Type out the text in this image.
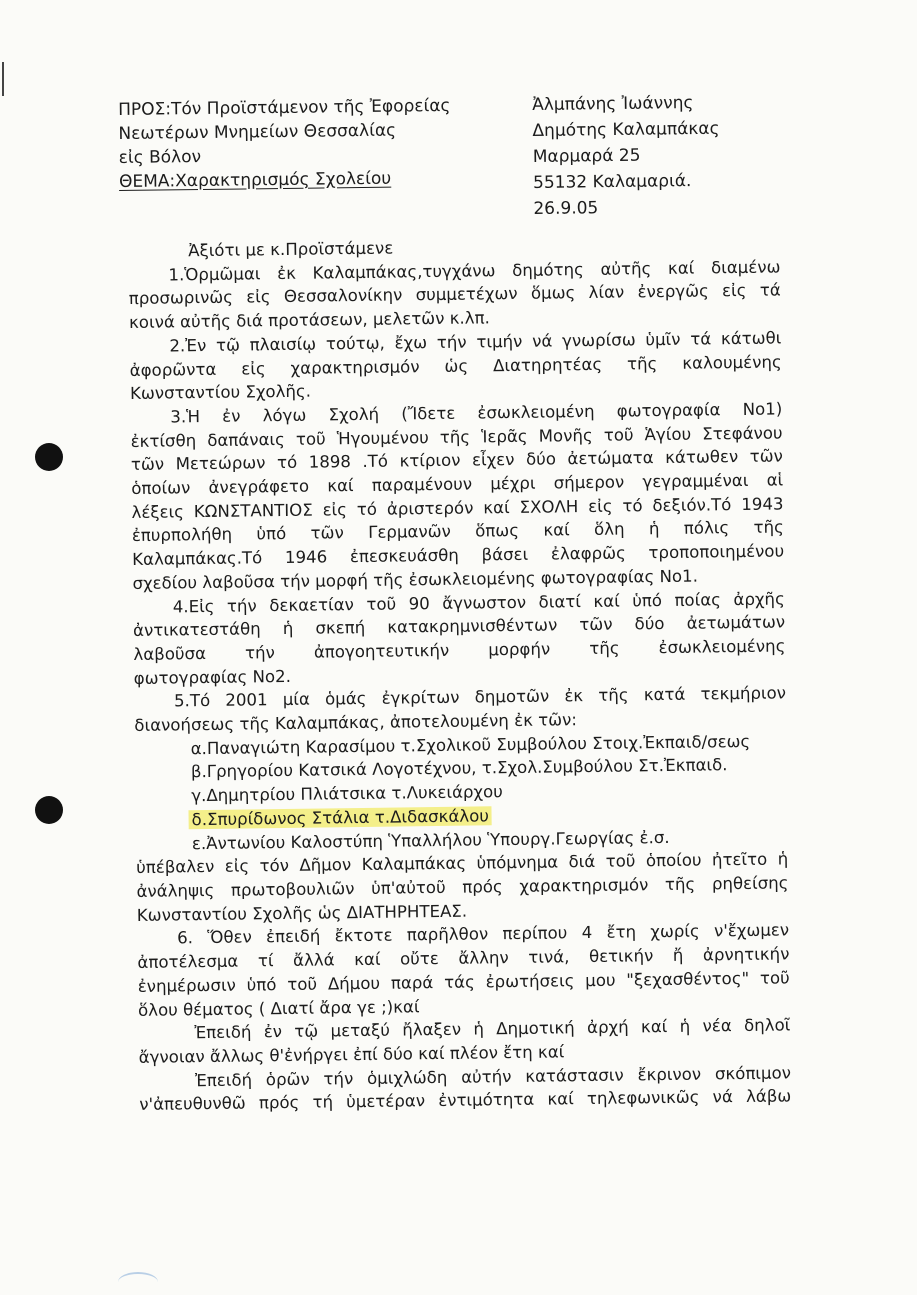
ΠΡΟΣ:Τόν Προϊστάμενον τῆς Ἐφορείας
Νεωτέρων Μνημείων Θεσσαλίας
εἰς Βόλον
ΘΕΜΑ:Χαρακτηρισμός Σχολείου
Ἀλμπάνης Ἰωάννης
Δημότης Καλαμπάκας
Μαρμαρά 25
55132 Καλαμαριά.
26.9.05
Ἀξιότι με κ.Προϊστάμενε
1.Ὁρμῶμαι ἐκ Καλαμπάκας,τυγχάνω δημότης αὐτῆς καί διαμένω
προσωρινῶς εἰς Θεσσαλονίκην συμμετέχων ὅμως λίαν ἐνεργῶς εἰς τά
κοινά αὐτῆς διά προτάσεων, μελετῶν κ.λπ.
2.Ἐν τῷ πλαισίῳ τούτῳ, ἔχω τήν τιμήν νά γνωρίσω ὑμῖν τά κάτωθι
ἀφορῶντα εἰς χαρακτηρισμόν ὡς Διατηρητέας τῆς καλουμένης
Κωνσταντίου Σχολῆς.
3.Ἡ ἐν λόγω Σχολή (Ἴδετε ἐσωκλειομένη φωτογραφία Νο1)
ἐκτίσθη δαπάναις τοῦ Ἡγουμένου τῆς Ἱερᾶς Μονῆς τοῦ Ἁγίου Στεφάνου
τῶν Μετεώρων τό 1898 .Τό κτίριον εἶχεν δύο ἀετώματα κάτωθεν τῶν
ὁποίων ἀνεγράφετο καί παραμένουν μέχρι σήμερον γεγραμμέναι αἱ
λέξεις ΚΩΝΣΤΑΝΤΙΟΣ εἰς τό ἀριστερόν καί ΣΧΟΛΗ εἰς τό δεξιόν.Τό 1943
ἐπυρπολήθη ὑπό τῶν Γερμανῶν ὅπως καί ὅλη ἡ πόλις τῆς
Καλαμπάκας.Τό 1946 ἐπεσκευάσθη βάσει ἐλαφρῶς τροποποιημένου
σχεδίου λαβοῦσα τήν μορφή τῆς ἐσωκλειομένης φωτογραφίας Νο1.
4.Εἰς τήν δεκαετίαν τοῦ 90 ἄγνωστον διατί καί ὑπό ποίας ἀρχῆς
ἀντικατεστάθη ἡ σκεπή κατακρημνισθέντων τῶν δύο ἀετωμάτων
λαβοῦσα τήν ἀπογοητευτικήν μορφήν τῆς ἐσωκλειομένης
φωτογραφίας Νο2.
5.Τό 2001 μία ὁμάς ἐγκρίτων δημοτῶν ἐκ τῆς κατά τεκμήριον
διανοήσεως τῆς Καλαμπάκας, ἀποτελουμένη ἐκ τῶν:
α.Παναγιώτη Καρασίμου τ.Σχολικοῦ Συμβούλου Στοιχ.Ἐκπαιδ/σεως
β.Γρηγορίου Κατσικά Λογοτέχνου, τ.Σχολ.Συμβούλου Στ.Ἐκπαιδ.
γ.Δημητρίου Πλιάτσικα τ.Λυκειάρχου
δ.Σπυρίδωνος Στάλια τ.Διδασκάλου
ε.Ἀντωνίου Καλοστύπη Ὑπαλλήλου Ὑπουργ.Γεωργίας ἐ.σ.
ὑπέβαλεν εἰς τόν Δῆμον Καλαμπάκας ὑπόμνημα διά τοῦ ὁποίου ἠτεῖτο ἡ
ἀνάληψις πρωτοβουλιῶν ὑπ'αὐτοῦ πρός χαρακτηρισμόν τῆς ρηθείσης
Κωνσταντίου Σχολῆς ὡς ΔΙΑΤΗΡΗΤΕΑΣ.
6. Ὅθεν ἐπειδή ἔκτοτε παρῆλθον περίπου 4 ἔτη χωρίς ν'ἔχωμεν
ἀποτέλεσμα τί ἄλλά καί οὔτε ἄλλην τινά, θετικήν ἤ ἀρνητικήν
ἐνημέρωσιν ὑπό τοῦ Δήμου παρά τάς ἐρωτήσεις μου "ξεχασθέντος" τοῦ
ὅλου θέματος ( Διατί ἄρα γε ;)καί
Ἐπειδή ἐν τῷ μεταξύ ἤλαξεν ἡ Δημοτική ἀρχή καί ἡ νέα δηλοῖ
ἄγνοιαν ἄλλως θ'ἐνήργει ἐπί δύο καί πλέον ἔτη καί
Ἐπειδή ὁρῶν τήν ὁμιχλώδη αὐτήν κατάστασιν ἔκρινον σκόπιμον
ν'ἀπευθυνθῶ πρός τή ὑμετέραν ἐντιμότητα καί τηλεφωνικῶς νά λάβω
